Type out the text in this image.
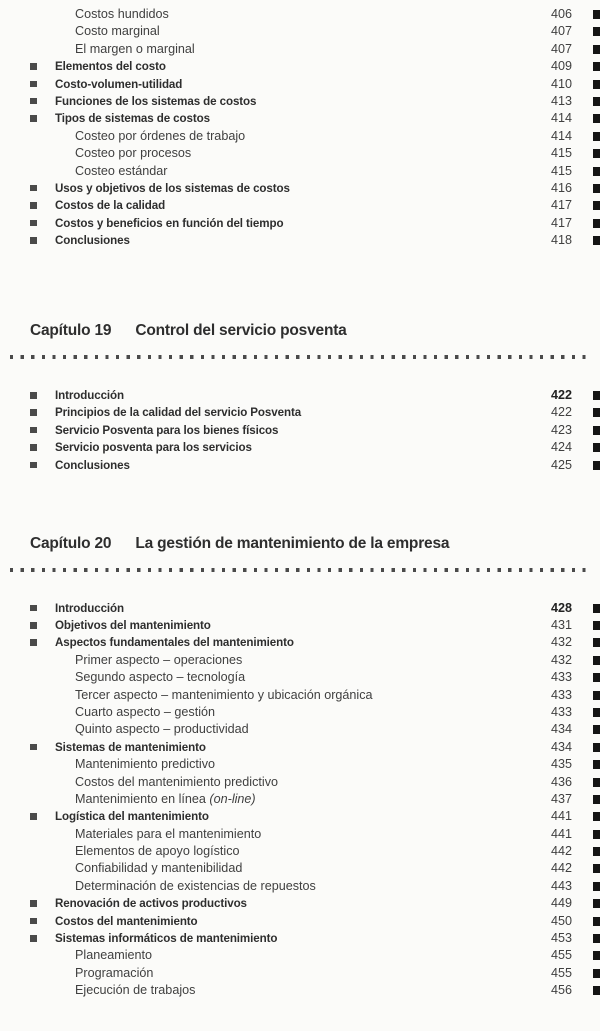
Costos hundidos	406
Costo marginal	407
El margen o marginal	407
Elementos del costo	409
Costo-volumen-utilidad	410
Funciones de los sistemas de costos	413
Tipos de sistemas de costos	414
Costeo por órdenes de trabajo	414
Costeo por procesos	415
Costeo estándar	415
Usos y objetivos de los sistemas de costos	416
Costos de la calidad	417
Costos y beneficios en función del tiempo	417
Conclusiones	418
Capítulo 19 Control del servicio posventa
Introducción	422
Principios de la calidad del servicio Posventa	422
Servicio Posventa para los bienes físicos	423
Servicio posventa para los servicios	424
Conclusiones	425
Capítulo 20 La gestión de mantenimiento de la empresa
Introducción	428
Objetivos del mantenimiento	431
Aspectos fundamentales del mantenimiento	432
Primer aspecto – operaciones	432
Segundo aspecto – tecnología	433
Tercer aspecto – mantenimiento y ubicación orgánica	433
Cuarto aspecto – gestión	433
Quinto aspecto – productividad	434
Sistemas de mantenimiento	434
Mantenimiento predictivo	435
Costos del mantenimiento predictivo	436
Mantenimiento en línea (on-line)	437
Logística del mantenimiento	441
Materiales para el mantenimiento	441
Elementos de apoyo logístico	442
Confiabilidad y mantenibilidad	442
Determinación de existencias de repuestos	443
Renovación de activos productivos	449
Costos del mantenimiento	450
Sistemas informáticos de mantenimiento	453
Planeamiento	455
Programación	455
Ejecución de trabajos	456
